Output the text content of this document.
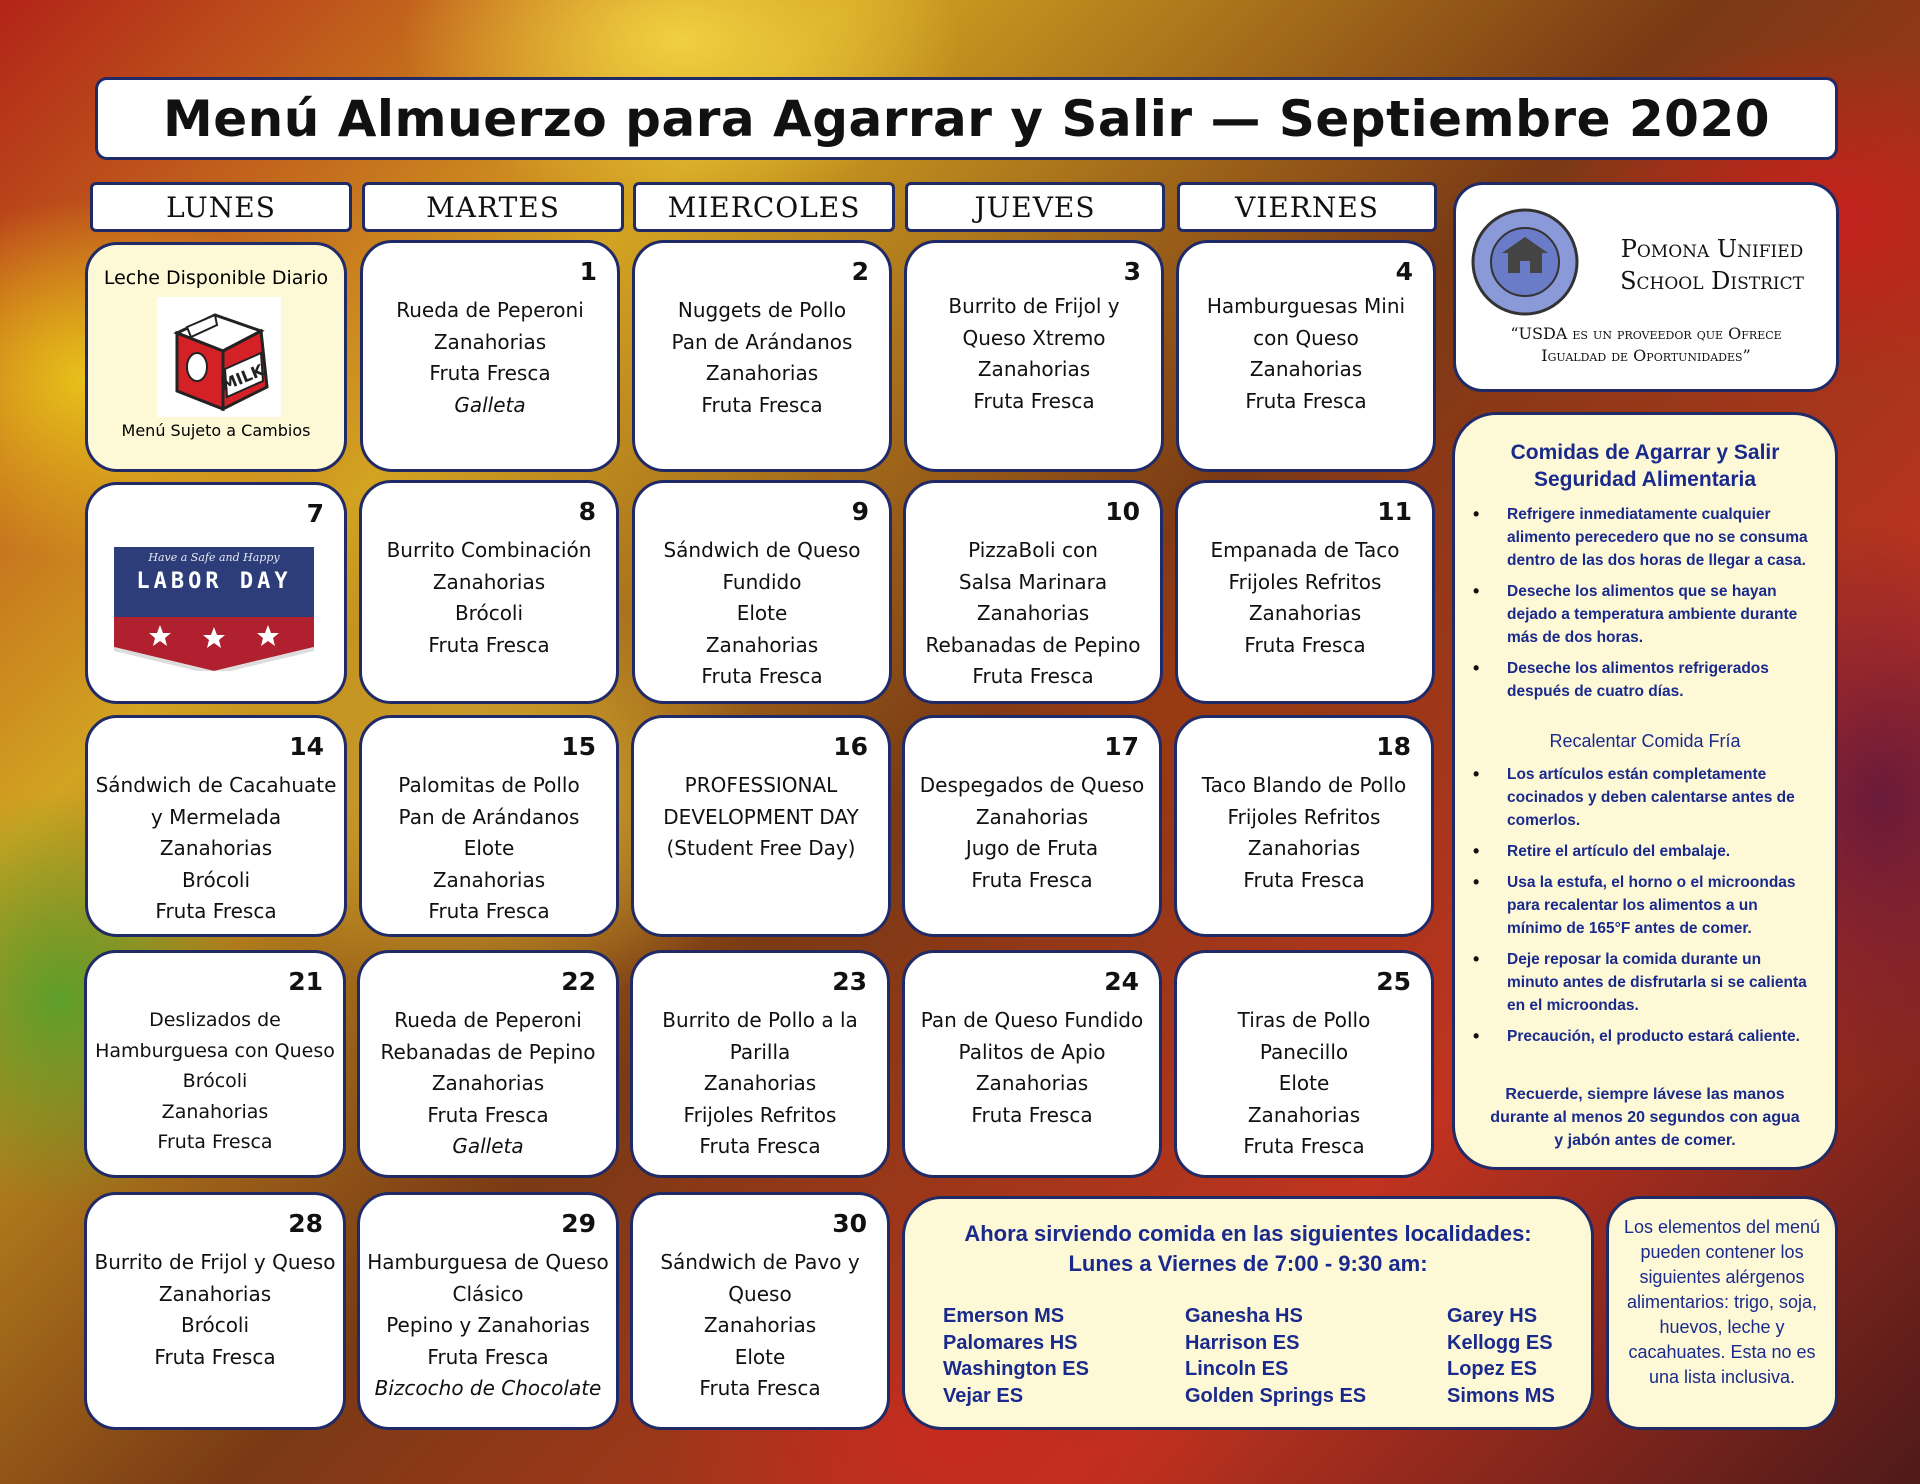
Menú Almuerzo para Agarrar y Salir — Septiembre 2020
LUNES	MARTES	MIERCOLES	JUEVES	VIERNES
Leche Disponible Diario
MILK
Menú Sujeto a Cambios
1
Rueda de Peperoni
Zanahorias
Fruta Fresca
Galleta
2
Nuggets de Pollo
Pan de Arándanos
Zanahorias
Fruta Fresca
3
Burrito de Frijol y
Queso Xtremo
Zanahorias
Fruta Fresca
4
Hamburguesas Mini
con Queso
Zanahorias
Fruta Fresca
Pomona Unified
School District
“USDA es un proveedor que Ofrece
Igualdad de Oportunidades”
Comidas de Agarrar y Salir
Seguridad Alimentaria
• Refrigere inmediatamente cualquier alimento perecedero que no se consuma dentro de las dos horas de llegar a casa.
• Deseche los alimentos que se hayan dejado a temperatura ambiente durante más de dos horas.
• Deseche los alimentos refrigerados después de cuatro días.
Recalentar Comida Fría
• Los artículos están completamente cocinados y deben calentarse antes de comerlos.
• Retire el artículo del embalaje.
• Usa la estufa, el horno o el microondas para recalentar los alimentos a un mínimo de 165°F antes de comer.
• Deje reposar la comida durante un minuto antes de disfrutarla si se calienta en el microondas.
• Precaución, el producto estará caliente.
Recuerde, siempre lávese las manos durante al menos 20 segundos con agua y jabón antes de comer.
7
Have a Safe and Happy
LABOR DAY
8
Burrito Combinación
Zanahorias
Brócoli
Fruta Fresca
9
Sándwich de Queso
Fundido
Elote
Zanahorias
Fruta Fresca
10
PizzaBoli con
Salsa Marinara
Zanahorias
Rebanadas de Pepino
Fruta Fresca
11
Empanada de Taco
Frijoles Refritos
Zanahorias
Fruta Fresca
14
Sándwich de Cacahuate
y Mermelada
Zanahorias
Brócoli
Fruta Fresca
15
Palomitas de Pollo
Pan de Arándanos
Elote
Zanahorias
Fruta Fresca
16
PROFESSIONAL
DEVELOPMENT DAY
(Student Free Day)
17
Despegados de Queso
Zanahorias
Jugo de Fruta
Fruta Fresca
18
Taco Blando de Pollo
Frijoles Refritos
Zanahorias
Fruta Fresca
21
Deslizados de
Hamburguesa con Queso
Brócoli
Zanahorias
Fruta Fresca
22
Rueda de Peperoni
Rebanadas de Pepino
Zanahorias
Fruta Fresca
Galleta
23
Burrito de Pollo a la
Parilla
Zanahorias
Frijoles Refritos
Fruta Fresca
24
Pan de Queso Fundido
Palitos de Apio
Zanahorias
Fruta Fresca
25
Tiras de Pollo
Panecillo
Elote
Zanahorias
Fruta Fresca
28
Burrito de Frijol y Queso
Zanahorias
Brócoli
Fruta Fresca
29
Hamburguesa de Queso
Clásico
Pepino y Zanahorias
Fruta Fresca
Bizcocho de Chocolate
30
Sándwich de Pavo y
Queso
Zanahorias
Elote
Fruta Fresca
Ahora sirviendo comida en las siguientes localidades:
Lunes a Viernes de 7:00 - 9:30 am:
Emerson MS
Palomares HS
Washington ES
Vejar ES
Ganesha HS
Harrison ES
Lincoln ES
Golden Springs ES
Garey HS
Kellogg ES
Lopez ES
Simons MS
Los elementos del menú pueden contener los siguientes alérgenos alimentarios: trigo, soja, huevos, leche y cacahuates. Esta no es una lista inclusiva.
